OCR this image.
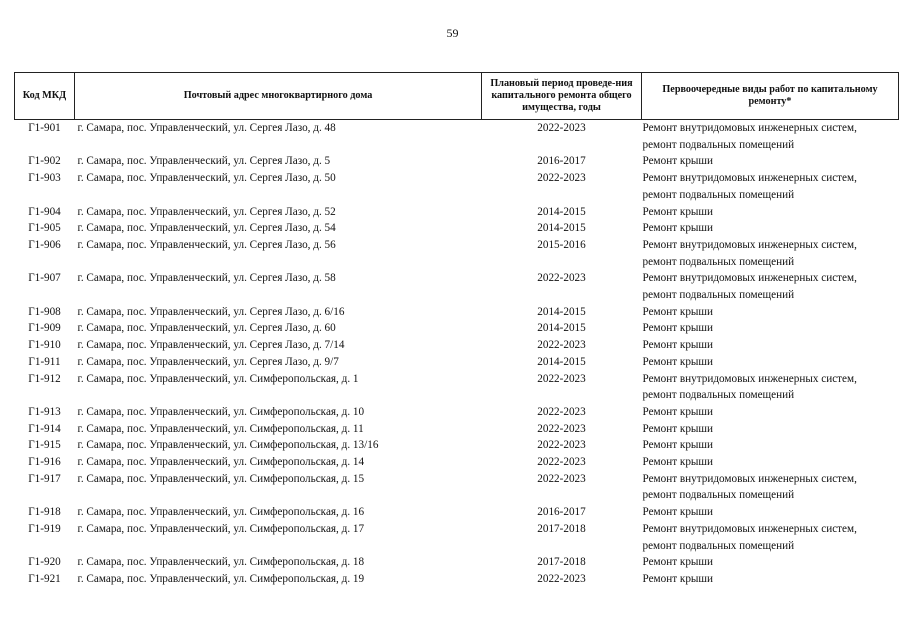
59
Код МКД	Почтовый адрес многоквартирного дома	Плановый период проведе-ния капитального ремонта общего имущества, годы	Первоочередные виды работ по капитальному ремонту*
Г1-901	г. Самара, пос. Управленческий, ул. Сергея Лазо, д. 48	2022-2023	Ремонт внутридомовых инженерных систем,
ремонт подвальных помещений

Г1-902	г. Самара, пос. Управленческий, ул. Сергея Лазо, д. 5	2016-2017	Ремонт крыши

Г1-903	г. Самара, пос. Управленческий, ул. Сергея Лазо, д. 50	2022-2023	Ремонт внутридомовых инженерных систем,
ремонт подвальных помещений

Г1-904	г. Самара, пос. Управленческий, ул. Сергея Лазо, д. 52	2014-2015	Ремонт крыши

Г1-905	г. Самара, пос. Управленческий, ул. Сергея Лазо, д. 54	2014-2015	Ремонт крыши

Г1-906	г. Самара, пос. Управленческий, ул. Сергея Лазо, д. 56	2015-2016	Ремонт внутридомовых инженерных систем,
ремонт подвальных помещений

Г1-907	г. Самара, пос. Управленческий, ул. Сергея Лазо, д. 58	2022-2023	Ремонт внутридомовых инженерных систем,
ремонт подвальных помещений

Г1-908	г. Самара, пос. Управленческий, ул. Сергея Лазо, д. 6/16	2014-2015	Ремонт крыши

Г1-909	г. Самара, пос. Управленческий, ул. Сергея Лазо, д. 60	2014-2015	Ремонт крыши

Г1-910	г. Самара, пос. Управленческий, ул. Сергея Лазо, д. 7/14	2022-2023	Ремонт крыши

Г1-911	г. Самара, пос. Управленческий, ул. Сергея Лазо, д. 9/7	2014-2015	Ремонт крыши

Г1-912	г. Самара, пос. Управленческий, ул. Симферопольская, д. 1	2022-2023	Ремонт внутридомовых инженерных систем,
ремонт подвальных помещений

Г1-913	г. Самара, пос. Управленческий, ул. Симферопольская, д. 10	2022-2023	Ремонт крыши

Г1-914	г. Самара, пос. Управленческий, ул. Симферопольская, д. 11	2022-2023	Ремонт крыши

Г1-915	г. Самара, пос. Управленческий, ул. Симферопольская, д. 13/16	2022-2023	Ремонт крыши

Г1-916	г. Самара, пос. Управленческий, ул. Симферопольская, д. 14	2022-2023	Ремонт крыши

Г1-917	г. Самара, пос. Управленческий, ул. Симферопольская, д. 15	2022-2023	Ремонт внутридомовых инженерных систем,
ремонт подвальных помещений

Г1-918	г. Самара, пос. Управленческий, ул. Симферопольская, д. 16	2016-2017	Ремонт крыши

Г1-919	г. Самара, пос. Управленческий, ул. Симферопольская, д. 17	2017-2018	Ремонт внутридомовых инженерных систем,
ремонт подвальных помещений

Г1-920	г. Самара, пос. Управленческий, ул. Симферопольская, д. 18	2017-2018	Ремонт крыши

Г1-921	г. Самара, пос. Управленческий, ул. Симферопольская, д. 19	2022-2023	Ремонт крыши
